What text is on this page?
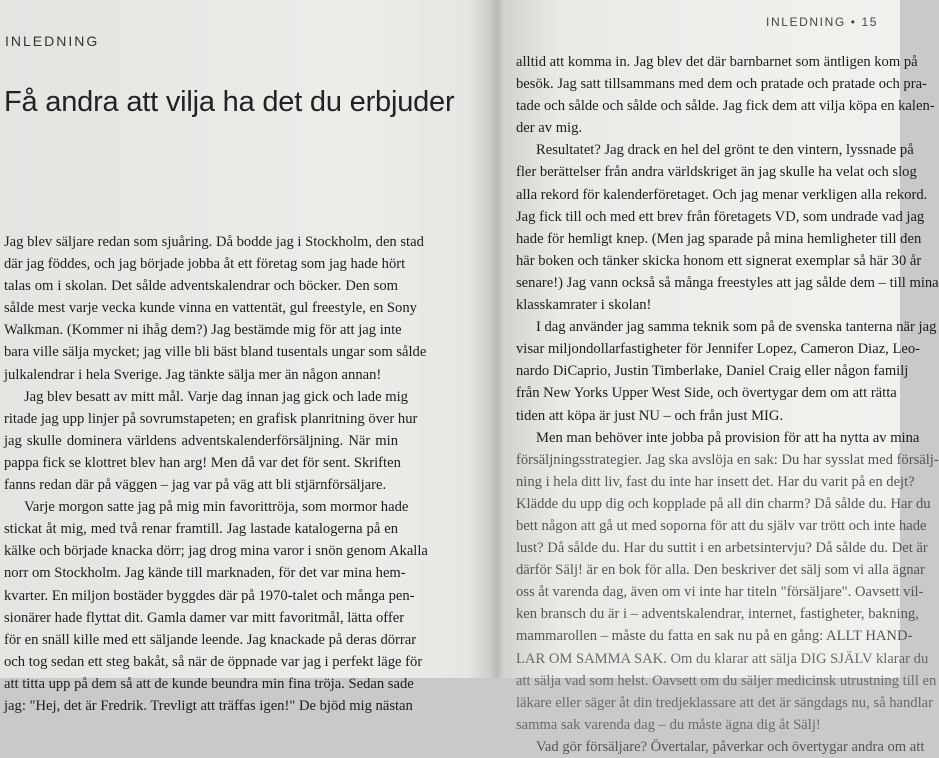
INLEDNING
Få andra att vilja ha det du erbjuder
Jag blev säljare redan som sjuåring. Då bodde jag i Stockholm, den stad
där jag föddes, och jag började jobba åt ett företag som jag hade hört
talas om i skolan. Det sålde adventskalendrar och böcker. Den som
sålde mest varje vecka kunde vinna en vattentät, gul freestyle, en Sony
Walkman. (Kommer ni ihåg dem?) Jag bestämde mig för att jag inte
bara ville sälja mycket; jag ville bli bäst bland tusentals ungar som sålde
julkalendrar i hela Sverige. Jag tänkte sälja mer än någon annan!
Jag blev besatt av mitt mål. Varje dag innan jag gick och lade mig
ritade jag upp linjer på sovrumstapeten; en grafisk planritning över hur
jag skulle dominera världens adventskalenderförsäljning. När min
pappa fick se klottret blev han arg! Men då var det för sent. Skriften
fanns redan där på väggen – jag var på väg att bli stjärnförsäljare.
Varje morgon satte jag på mig min favorittröja, som mormor hade
stickat åt mig, med två renar framtill. Jag lastade katalogerna på en
kälke och började knacka dörr; jag drog mina varor i snön genom Akalla
norr om Stockholm. Jag kände till marknaden, för det var mina hem-
kvarter. En miljon bostäder byggdes där på 1970-talet och många pen-
sionärer hade flyttat dit. Gamla damer var mitt favoritmål, lätta offer
för en snäll kille med ett säljande leende. Jag knackade på deras dörrar
och tog sedan ett steg bakåt, så när de öppnade var jag i perfekt läge för
att titta upp på dem så att de kunde beundra min fina tröja. Sedan sade
jag: "Hej, det är Fredrik. Trevligt att träffas igen!" De bjöd mig nästan
INLEDNING • 15
alltid att komma in. Jag blev det där barnbarnet som äntligen kom på
besök. Jag satt tillsammans med dem och pratade och pratade och pra-
tade och sålde och sålde och sålde. Jag fick dem att vilja köpa en kalen-
der av mig.
Resultatet? Jag drack en hel del grönt te den vintern, lyssnade på
fler berättelser från andra världskriget än jag skulle ha velat och slog
alla rekord för kalenderföretaget. Och jag menar verkligen alla rekord.
Jag fick till och med ett brev från företagets VD, som undrade vad jag
hade för hemligt knep. (Men jag sparade på mina hemligheter till den
här boken och tänker skicka honom ett signerat exemplar så här 30 år
senare!) Jag vann också så många freestyles att jag sålde dem – till mina
klasskamrater i skolan!
I dag använder jag samma teknik som på de svenska tanterna när jag
visar miljondollarfastigheter för Jennifer Lopez, Cameron Diaz, Leo-
nardo DiCaprio, Justin Timberlake, Daniel Craig eller någon familj
från New Yorks Upper West Side, och övertygar dem om att rätta
tiden att köpa är just NU – och från just MIG.
Men man behöver inte jobba på provision för att ha nytta av mina
försäljningsstrategier. Jag ska avslöja en sak: Du har sysslat med försälj-
ning i hela ditt liv, fast du inte har insett det. Har du varit på en dejt?
Klädde du upp dig och kopplade på all din charm? Då sålde du. Har du
bett någon att gå ut med soporna för att du själv var trött och inte hade
lust? Då sålde du. Har du suttit i en arbetsintervju? Då sålde du. Det är
därför Sälj! är en bok för alla. Den beskriver det sälj som vi alla ägnar
oss åt varenda dag, även om vi inte har titeln "försäljare". Oavsett vil-
ken bransch du är i – adventskalendrar, internet, fastigheter, bakning,
mammarollen – måste du fatta en sak nu på en gång: ALLT HAND-
LAR OM SAMMA SAK. Om du klarar att sälja DIG SJÄLV klarar du
att sälja vad som helst. Oavsett om du säljer medicinsk utrustning till en
läkare eller säger åt din tredjeklassare att det är sängdags nu, så handlar
samma sak varenda dag – du måste ägna dig åt Sälj!
Vad gör försäljare? Övertalar, påverkar och övertygar andra om att
